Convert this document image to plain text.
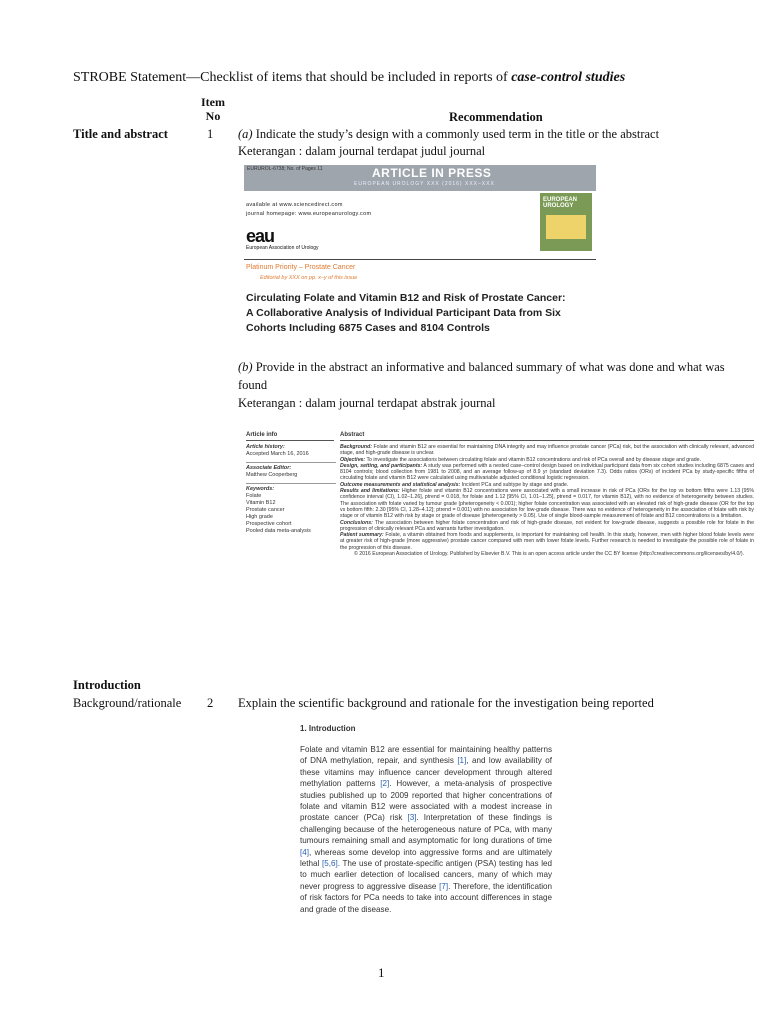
STROBE Statement—Checklist of items that should be included in reports of case-control studies
Item
No	Recommendation
Title and abstract	1 (a) Indicate the study’s design with a commonly used term in the title or the abstract
Keterangan : dalam journal terdapat judul journal
EURUROL-6738; No. of Pages 11	ARTICLE IN PRESS
EUROPEAN UROLOGY XXX (2016) XXX–XXX
available at www.sciencedirect.com
journal homepage: www.europeanurology.com
eau
European Association of Urology
EUROPEAN
UROLOGY
Platinum Priority – Prostate Cancer
Editorial by XXX on pp. x–y of this issue
Circulating Folate and Vitamin B12 and Risk of Prostate Cancer:
A Collaborative Analysis of Individual Participant Data from Six
Cohorts Including 6875 Cases and 8104 Controls
(b) Provide in the abstract an informative and balanced summary of what was done and what was
found
Keterangan : dalam journal terdapat abstrak journal
Article info	Abstract
Article history:
Accepted March 16, 2016
Associate Editor:
Matthew Cooperberg
Keywords:
Folate
Vitamin B12
Prostate cancer
High grade
Prospective cohort
Pooled data meta-analysis
Background: Folate and vitamin B12 are essential for maintaining DNA integrity and may influence prostate cancer (PCa) risk, but the association with clinically relevant, advanced stage, and high-grade disease is unclear.
Objective: To investigate the associations between circulating folate and vitamin B12 concentrations and risk of PCa overall and by disease stage and grade.
Design, setting, and participants: A study was performed with a nested case–control design based on individual participant data from six cohort studies including 6875 cases and 8104 controls; blood collection from 1981 to 2008, and an average follow-up of 8.9 yr (standard deviation 7.3). Odds ratios (ORs) of incident PCa by study-specific fifths of circulating folate and vitamin B12 were calculated using multivariable adjusted conditional logistic regression.
Outcome measurements and statistical analysis: Incident PCa and subtype by stage and grade.
Results and limitations: Higher folate and vitamin B12 concentrations were associated with a small increase in risk of PCa (ORs for the top vs bottom fifths were 1.13 [95% confidence interval (CI), 1.02–1.26], ptrend = 0.018, for folate and 1.12 [95% CI, 1.01–1.25], ptrend = 0.017, for vitamin B12), with no evidence of heterogeneity between studies. The association with folate varied by tumour grade (pheterogeneity < 0.001); higher folate concentration was associated with an elevated risk of high-grade disease (OR for the top vs bottom fifth: 2.30 [95% CI, 1.28–4.12]; ptrend = 0.001) with no association for low-grade disease. There was no evidence of heterogeneity in the association of folate with risk by stage or of vitamin B12 with risk by stage or grade of disease (pheterogeneity > 0.05). Use of single blood-sample measurement of folate and B12 concentrations is a limitation.
Conclusions: The association between higher folate concentration and risk of high-grade disease, not evident for low-grade disease, suggests a possible role for folate in the progression of clinically relevant PCa and warrants further investigation.
Patient summary: Folate, a vitamin obtained from foods and supplements, is important for maintaining cell health. In this study, however, men with higher blood folate levels were at greater risk of high-grade (more aggressive) prostate cancer compared with men with lower folate levels. Further research is needed to investigate the possible role of folate in the progression of this disease.
© 2016 European Association of Urology. Published by Elsevier B.V. This is an open access article under the CC BY license (http://creativecommons.org/licenses/by/4.0/).
Introduction
Background/rationale 2 Explain the scientific background and rationale for the investigation being reported
1. Introduction
Folate and vitamin B12 are essential for maintaining healthy patterns of DNA methylation, repair, and synthesis [1], and low availability of these vitamins may influence cancer development through altered methylation patterns [2]. However, a meta-analysis of prospective studies published up to 2009 reported that higher concentrations of folate and vitamin B12 were associated with a modest increase in prostate cancer (PCa) risk [3]. Interpretation of these findings is challenging because of the heterogeneous nature of PCa, with many tumours remaining small and asymptomatic for long durations of time [4], whereas some develop into aggressive forms and are ultimately lethal [5,6]. The use of prostate-specific antigen (PSA) testing has led to much earlier detection of localised cancers, many of which may never progress to aggressive disease [7]. Therefore, the identification of risk factors for PCa needs to take into account differences in stage and grade of the disease.
1
